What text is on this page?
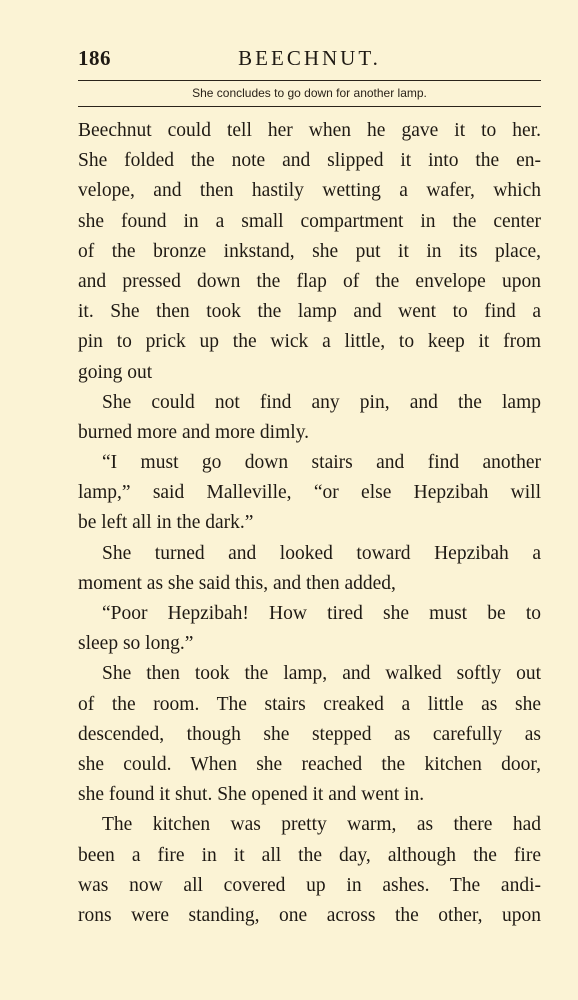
186	BEECHNUT.
She concludes to go down for another lamp.
Beechnut could tell her when he gave it to her.
She folded the note and slipped it into the en-
velope, and then hastily wetting a wafer, which
she found in a small compartment in the center
of the bronze inkstand, she put it in its place,
and pressed down the flap of the envelope upon
it. She then took the lamp and went to find a
pin to prick up the wick a little, to keep it from
going out
She could not find any pin, and the lamp
burned more and more dimly.
“I must go down stairs and find another
lamp,” said Malleville, “or else Hepzibah will
be left all in the dark.”
She turned and looked toward Hepzibah a
moment as she said this, and then added,
“Poor Hepzibah! How tired she must be to
sleep so long.”
She then took the lamp, and walked softly out
of the room. The stairs creaked a little as she
descended, though she stepped as carefully as
she could. When she reached the kitchen door,
she found it shut. She opened it and went in.
The kitchen was pretty warm, as there had
been a fire in it all the day, although the fire
was now all covered up in ashes. The andi-
rons were standing, one across the other, upon
